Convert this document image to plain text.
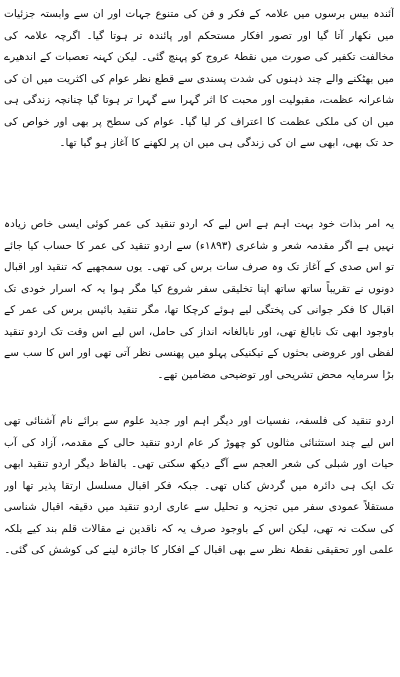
آئندہ بیس برسوں میں علامہ کے فکر و فن کی متنوع جہات اور ان سے وابستہ جزئیات میں نکھار آتا گیا اور تصور افکار مستحکم اور پائندہ تر ہوتا گیا۔ اگرچہ علامہ کی مخالفت تکفیر کی صورت میں نقطۂ عروج کو پہنچ گئی۔ لیکن کہنہ تعصبات کے اندھیرے میں بھٹکنے والے چند ذہنوں کی شدت پسندی سے قطع نظر عوام کی اکثریت میں ان کی شاعرانہ عظمت، مقبولیت اور محبت کا اثر گہرا سے گہرا تر ہوتا گیا چنانچہ زندگی ہی میں ان کی ملکی عظمت کا اعتراف کر لیا گیا۔ عوام کی سطح پر بھی اور خواص کی حد تک بھی، ابھی سے ان کی زندگی ہی میں ان پر لکھنے کا آغاز ہو گیا تھا۔

یہ امر بذات خود بہت اہم ہے اس لیے کہ اردو تنقید کی عمر کوئی ایسی خاص زیادہ نہیں ہے اگر مقدمہ شعر و شاعری (۱۸۹۳ء) سے اردو تنقید کی عمر کا حساب کیا جائے تو اس صدی کے آغاز تک وہ صرف سات برس کی تھی۔ یوں سمجھیے کہ تنقید اور اقبال دونوں نے تقریباً ساتھ ساتھ اپنا تخلیقی سفر شروع کیا مگر ہوا یہ کہ اسرار خودی تک اقبال کا فکر جوانی کی پختگی لیے ہوئے کرچکا تھا، مگر تنقید بائیس برس کی عمر کے باوجود ابھی تک نابالغ تھی، اور نابالغانہ انداز کی حامل، اس لیے اس وقت تک اردو تنقید لفظی اور عروضی بحثوں کے تیکنیکی پہلو میں پھنسی نظر آتی تھی اور اس کا سب سے بڑا سرمایہ محض تشریحی اور توضیحی مضامین تھے۔

اردو تنقید کی فلسفہ، نفسیات اور دیگر اہم اور جدید علوم سے برائے نام آشنائی تھی اس لیے چند استثنائی مثالوں کو چھوڑ کر عام اردو تنقید حالی کے مقدمہ، آزاد کی آب حیات اور شبلی کی شعر العجم سے آگے دیکھ سکتی تھی۔ بالفاظ دیگر اردو تنقید ابھی تک ایک ہی دائرہ میں گردش کناں تھی۔ جبکہ فکر اقبال مسلسل ارتقا پذیر تھا اور مستقلاً عمودی سفر میں تجزیہ و تحلیل سے عاری اردو تنقید میں دقیقہ اقبال شناسی کی سکت نہ تھی، لیکن اس کے باوجود صرف یہ کہ ناقدین نے مقالات قلم بند کیے بلکہ علمی اور تحقیقی نقطۂ نظر سے بھی اقبال کے افکار کا جائزہ لینے کی کوشش کی گئی۔
